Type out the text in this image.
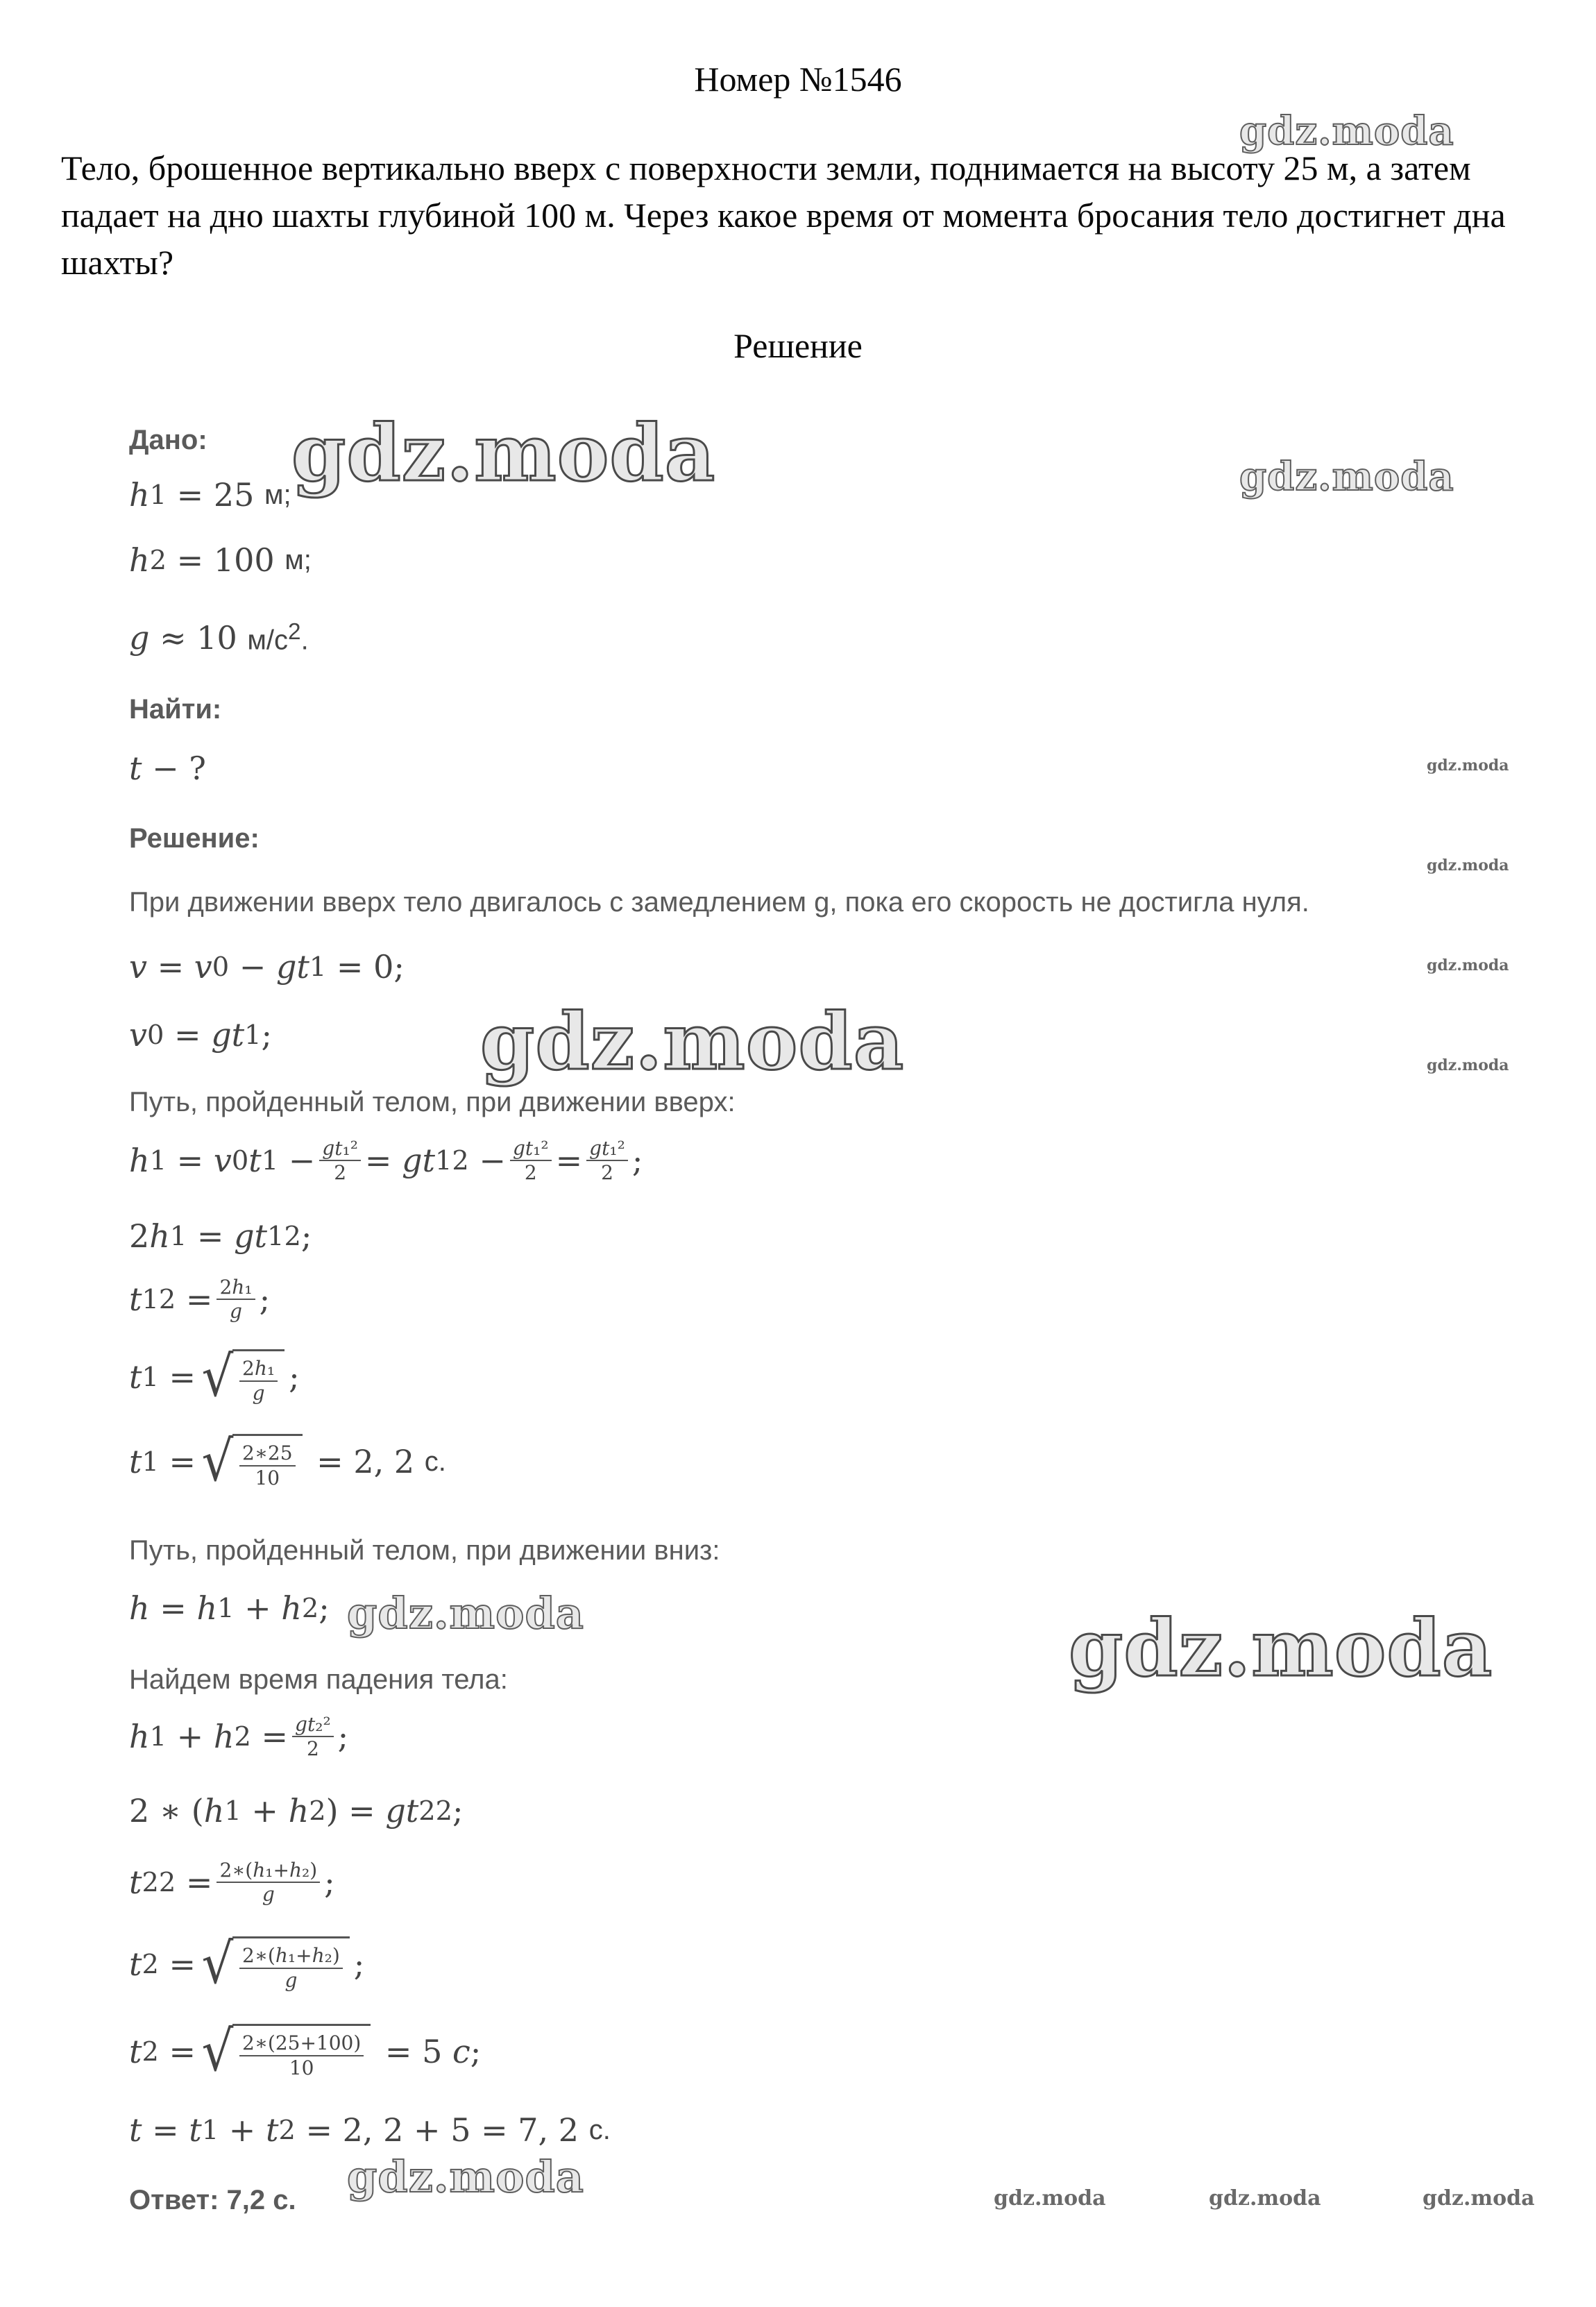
Номер №1546
Тело, брошенное вертикально вверх с поверхности земли, поднимается на высоту 25 м, а затем падает на дно шахты глубиной 100 м. Через какое время от момента бросания тело достигнет дна шахты?
Решение
Дано:
h 1 = 25 м;
h 2 = 100 м;
g ≈ 10 $м/с^2$.
Найти:
t − ?
Решение:
При движении вверх тело двигалось с замедлением g, пока его скорость не достигла нуля.
v = v 0 − gt 1 = 0;
v 0 = gt 1 ;
Путь, пройденный телом, при движении вверх:
h 1 = v 0 t 1 − gt₁²
2 = gt 1 2 − gt₁²
2 = gt₁²
2 ;
2 h 1 = gt 1 2 ;
t 1 2 = 2h₁
g ;
t 1 = √ 2h₁
g ;
t 1 = √ 2∗25
10 = 2, 2 с.
Путь, пройденный телом, при движении вниз:
h = h 1 + h 2 ;
Найдем время падения тела:
h 1 + h 2 = gt₂²
2 ;
2 ∗ ( h 1 + h 2 ) = gt 2 2 ;
t 2 2 = 2∗(h₁+h₂)
g ;
t 2 = √ 2∗(h₁+h₂)
g ;
t 2 = √ 2∗(25+100)
10 = 5 с ;
t = t 1 + t 2 = 2, 2 + 5 = 7, 2 с.
Ответ: 7,2 с.
gdz.moda
gdz.moda	gdz.moda
gdz.moda
gdz.moda
gdz.moda
gdz.moda	gdz.moda
gdz.moda	gdz.moda
gdz.moda	gdz.moda	gdz.moda	gdz.moda
